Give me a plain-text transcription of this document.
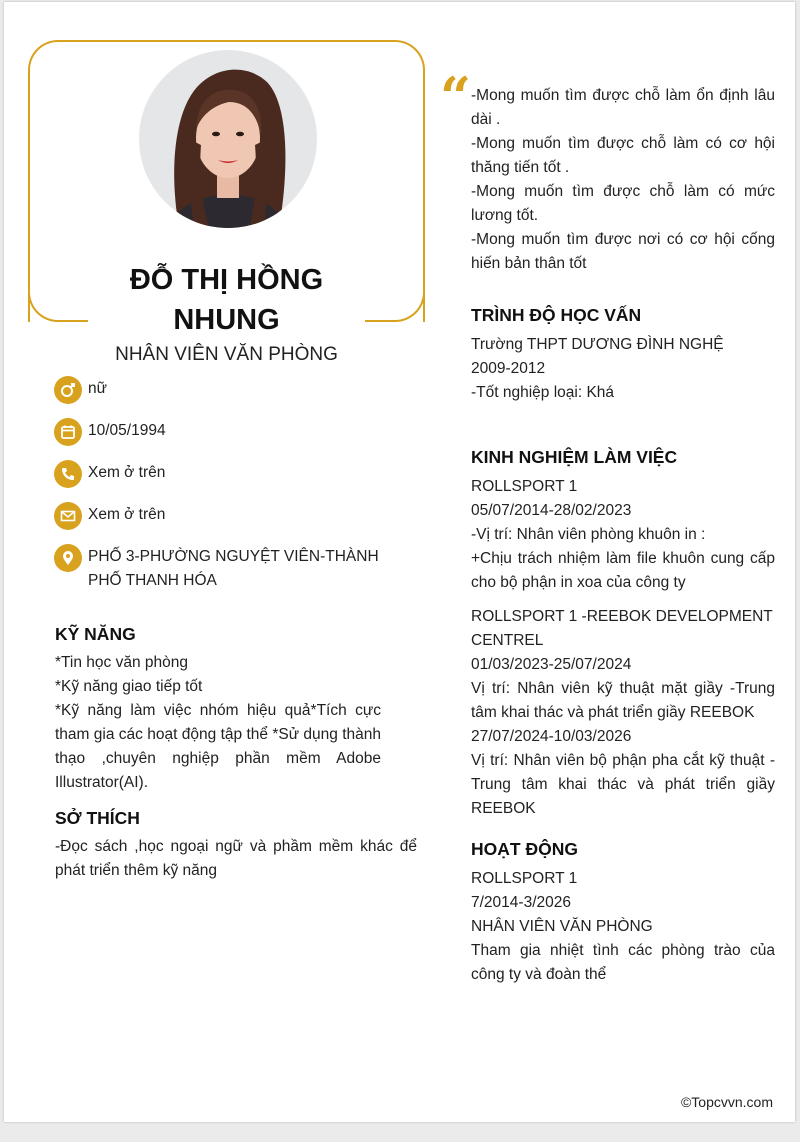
ĐỖ THỊ HỒNG
NHUNG
NHÂN VIÊN VĂN PHÒNG
nữ
10/05/1994
Xem ở trên
Xem ở trên
PHỐ 3-PHƯỜNG NGUYỆT VIÊN-THÀNH PHỐ THANH HÓA
KỸ NĂNG
*Tin học văn phòng
*Kỹ năng giao tiếp tốt
*Kỹ năng làm việc nhóm hiệu quả*Tích cực tham gia các hoạt động tập thể *Sử dụng thành thạo ,chuyên nghiệp phần mềm Adobe Illustrator(AI).
SỞ THÍCH
-Đọc sách ,học ngoại ngữ và phầm mềm khác để phát triển thêm kỹ năng
“ -Mong muốn tìm được chỗ làm ổn định lâu dài .
-Mong muốn tìm được chỗ làm có cơ hội thăng tiến tốt .
-Mong muốn tìm được chỗ làm có mức lương tốt.
-Mong muốn tìm được nơi có cơ hội cống hiến bản thân tốt
TRÌNH ĐỘ HỌC VẤN
Trường THPT DƯƠNG ĐÌNH NGHỆ
2009-2012
-Tốt nghiệp loại: Khá
KINH NGHIỆM LÀM VIỆC
ROLLSPORT 1
05/07/2014-28/02/2023
-Vị trí: Nhân viên phòng khuôn in :
+Chịu trách nhiệm làm file khuôn cung cấp cho bộ phận in xoa của công ty
ROLLSPORT 1 -REEBOK DEVELOPMENT CENTREL
01/03/2023-25/07/2024
Vị trí: Nhân viên kỹ thuật mặt giầy -Trung tâm khai thác và phát triển giầy REEBOK
27/07/2024-10/03/2026
Vị trí: Nhân viên bộ phận pha cắt kỹ thuật -Trung tâm khai thác và phát triển giầy REEBOK
HOẠT ĐỘNG
ROLLSPORT 1
7/2014-3/2026
NHÂN VIÊN VĂN PHÒNG
Tham gia nhiệt tình các phòng trào của công ty và đoàn thể
©Topcvvn.com
